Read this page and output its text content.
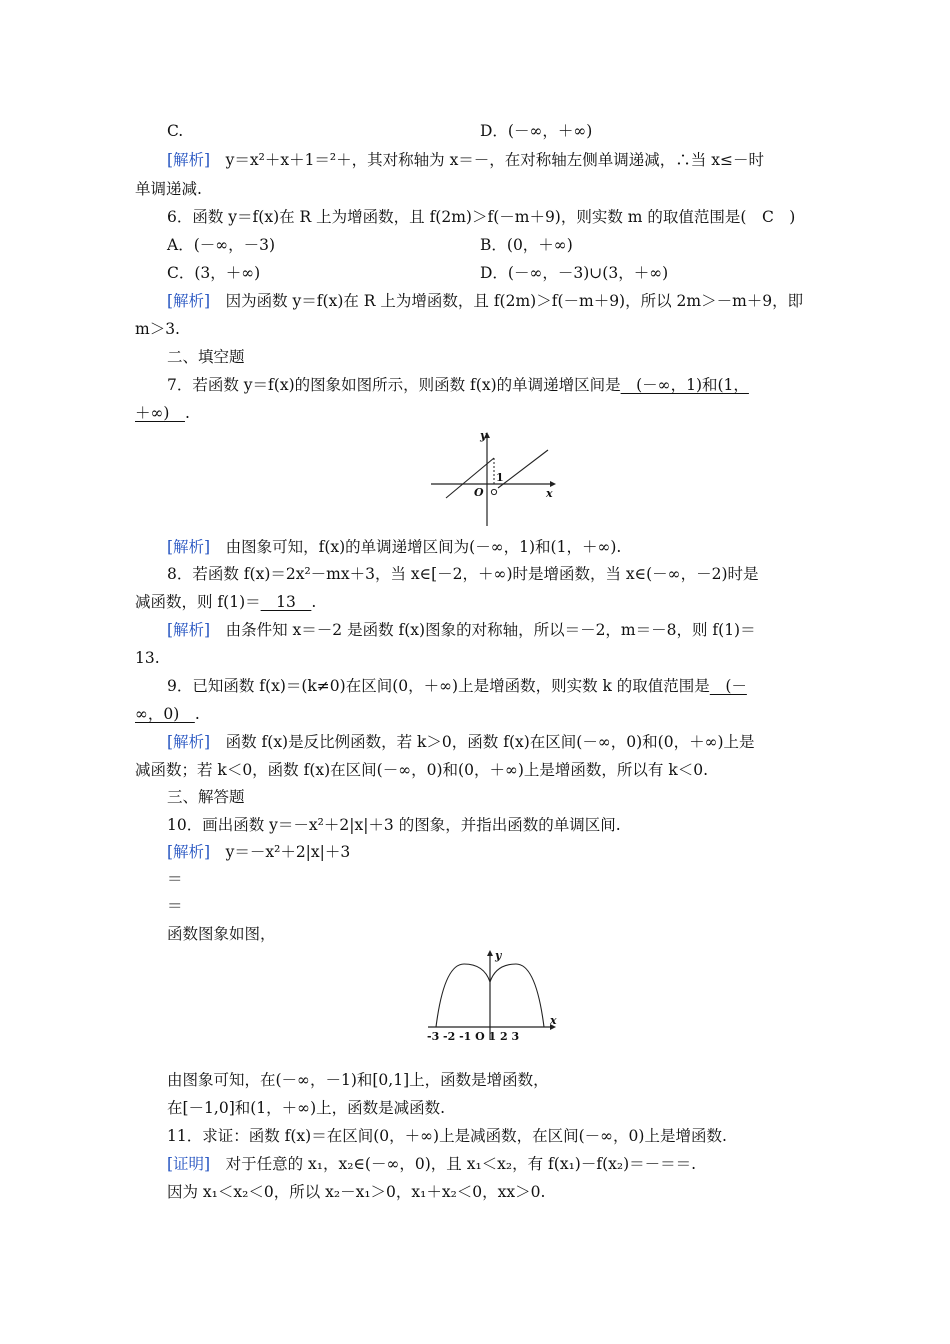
C.	D．(－∞，＋∞)
[解析]　y＝x²＋x＋1＝²＋，其对称轴为 x＝－，在对称轴左侧单调递减，∴当 x≤－时
单调递减.
6．函数 y＝f(x)在 R 上为增函数，且 f(2m)＞f(－m＋9)，则实数 m 的取值范围是(　C　)
A．(－∞，－3)	B．(0，＋∞)
C．(3，＋∞)	D．(－∞，－3)∪(3，＋∞)
[解析]　因为函数 y＝f(x)在 R 上为增函数，且 f(2m)＞f(－m＋9)，所以 2m＞－m＋9，即
m＞3.
二、填空题
7．若函数 y＝f(x)的图象如图所示，则函数 f(x)的单调递增区间是　(－∞，1)和(1，
＋∞)　.
y
x
O
1
[解析]　由图象可知，f(x)的单调递增区间为(－∞，1)和(1，＋∞).
8．若函数 f(x)＝2x²－mx＋3，当 x∈[－2，＋∞)时是增函数，当 x∈(－∞，－2)时是
减函数，则 f(1)＝　13　.
[解析]　由条件知 x＝－2 是函数 f(x)图象的对称轴，所以＝－2，m＝－8，则 f(1)＝
13.
9．已知函数 f(x)＝(k≠0)在区间(0，＋∞)上是增函数，则实数 k 的取值范围是　(－
∞，0)　.
[解析]　函数 f(x)是反比例函数，若 k＞0，函数 f(x)在区间(－∞，0)和(0，＋∞)上是
减函数；若 k＜0，函数 f(x)在区间(－∞，0)和(0，＋∞)上是增函数，所以有 k＜0.
三、解答题
10．画出函数 y＝－x²＋2|x|＋3 的图象，并指出函数的单调区间.
[解析]　y＝－x²＋2|x|＋3
＝
＝
函数图象如图，
y
x
-3 -2 -1 O 1 2 3
由图象可知，在(－∞，－1)和[0,1]上，函数是增函数，
在[－1,0]和(1，＋∞)上，函数是减函数.
11．求证：函数 f(x)＝在区间(0，＋∞)上是减函数，在区间(－∞，0)上是增函数.
[证明]　对于任意的 x₁，x₂∈(－∞，0)，且 x₁＜x₂，有 f(x₁)－f(x₂)＝－＝＝.
因为 x₁＜x₂＜0，所以 x₂－x₁＞0，x₁＋x₂＜0，xx＞0.
